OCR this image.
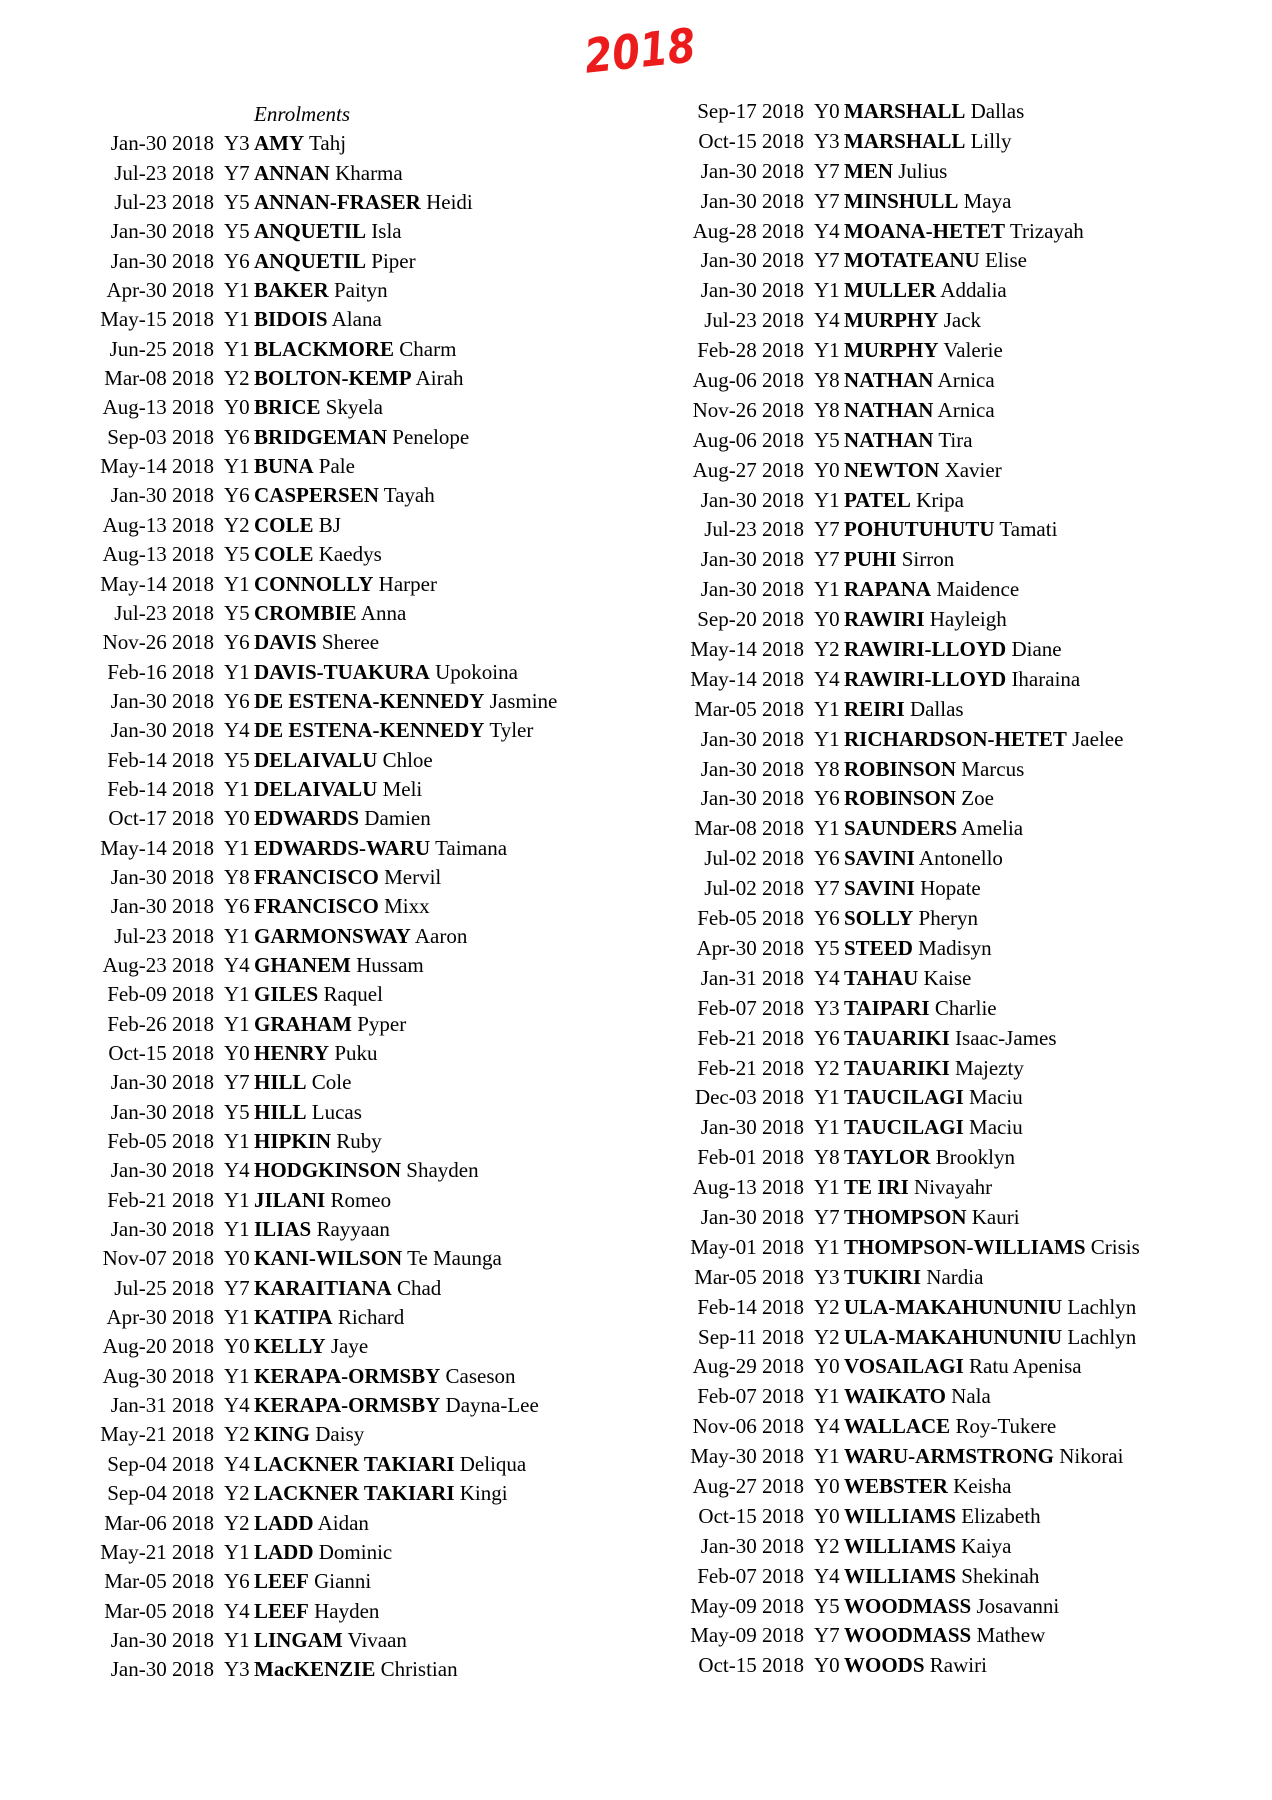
2018
Enrolments
Jan-30 2018 Y3 AMY Tahj
Jul-23 2018 Y7 ANNAN Kharma
Jul-23 2018 Y5 ANNAN-FRASER Heidi
Jan-30 2018 Y5 ANQUETIL Isla
Jan-30 2018 Y6 ANQUETIL Piper
Apr-30 2018 Y1 BAKER Paityn
May-15 2018 Y1 BIDOIS Alana
Jun-25 2018 Y1 BLACKMORE Charm
Mar-08 2018 Y2 BOLTON-KEMP Airah
Aug-13 2018 Y0 BRICE Skyela
Sep-03 2018 Y6 BRIDGEMAN Penelope
May-14 2018 Y1 BUNA Pale
Jan-30 2018 Y6 CASPERSEN Tayah
Aug-13 2018 Y2 COLE BJ
Aug-13 2018 Y5 COLE Kaedys
May-14 2018 Y1 CONNOLLY Harper
Jul-23 2018 Y5 CROMBIE Anna
Nov-26 2018 Y6 DAVIS Sheree
Feb-16 2018 Y1 DAVIS-TUAKURA Upokoina
Jan-30 2018 Y6 DE ESTENA-KENNEDY Jasmine
Jan-30 2018 Y4 DE ESTENA-KENNEDY Tyler
Feb-14 2018 Y5 DELAIVALU Chloe
Feb-14 2018 Y1 DELAIVALU Meli
Oct-17 2018 Y0 EDWARDS Damien
May-14 2018 Y1 EDWARDS-WARU Taimana
Jan-30 2018 Y8 FRANCISCO Mervil
Jan-30 2018 Y6 FRANCISCO Mixx
Jul-23 2018 Y1 GARMONSWAY Aaron
Aug-23 2018 Y4 GHANEM Hussam
Feb-09 2018 Y1 GILES Raquel
Feb-26 2018 Y1 GRAHAM Pyper
Oct-15 2018 Y0 HENRY Puku
Jan-30 2018 Y7 HILL Cole
Jan-30 2018 Y5 HILL Lucas
Feb-05 2018 Y1 HIPKIN Ruby
Jan-30 2018 Y4 HODGKINSON Shayden
Feb-21 2018 Y1 JILANI Romeo
Jan-30 2018 Y1 ILIAS Rayyaan
Nov-07 2018 Y0 KANI-WILSON Te Maunga
Jul-25 2018 Y7 KARAITIANA Chad
Apr-30 2018 Y1 KATIPA Richard
Aug-20 2018 Y0 KELLY Jaye
Aug-30 2018 Y1 KERAPA-ORMSBY Caseson
Jan-31 2018 Y4 KERAPA-ORMSBY Dayna-Lee
May-21 2018 Y2 KING Daisy
Sep-04 2018 Y4 LACKNER TAKIARI Deliqua
Sep-04 2018 Y2 LACKNER TAKIARI Kingi
Mar-06 2018 Y2 LADD Aidan
May-21 2018 Y1 LADD Dominic
Mar-05 2018 Y6 LEEF Gianni
Mar-05 2018 Y4 LEEF Hayden
Jan-30 2018 Y1 LINGAM Vivaan
Jan-30 2018 Y3 MacKENZIE Christian
Sep-17 2018 Y0 MARSHALL Dallas
Oct-15 2018 Y3 MARSHALL Lilly
Jan-30 2018 Y7 MEN Julius
Jan-30 2018 Y7 MINSHULL Maya
Aug-28 2018 Y4 MOANA-HETET Trizayah
Jan-30 2018 Y7 MOTATEANU Elise
Jan-30 2018 Y1 MULLER Addalia
Jul-23 2018 Y4 MURPHY Jack
Feb-28 2018 Y1 MURPHY Valerie
Aug-06 2018 Y8 NATHAN Arnica
Nov-26 2018 Y8 NATHAN Arnica
Aug-06 2018 Y5 NATHAN Tira
Aug-27 2018 Y0 NEWTON Xavier
Jan-30 2018 Y1 PATEL Kripa
Jul-23 2018 Y7 POHUTUHUTU Tamati
Jan-30 2018 Y7 PUHI Sirron
Jan-30 2018 Y1 RAPANA Maidence
Sep-20 2018 Y0 RAWIRI Hayleigh
May-14 2018 Y2 RAWIRI-LLOYD Diane
May-14 2018 Y4 RAWIRI-LLOYD Iharaina
Mar-05 2018 Y1 REIRI Dallas
Jan-30 2018 Y1 RICHARDSON-HETET Jaelee
Jan-30 2018 Y8 ROBINSON Marcus
Jan-30 2018 Y6 ROBINSON Zoe
Mar-08 2018 Y1 SAUNDERS Amelia
Jul-02 2018 Y6 SAVINI Antonello
Jul-02 2018 Y7 SAVINI Hopate
Feb-05 2018 Y6 SOLLY Pheryn
Apr-30 2018 Y5 STEED Madisyn
Jan-31 2018 Y4 TAHAU Kaise
Feb-07 2018 Y3 TAIPARI Charlie
Feb-21 2018 Y6 TAUARIKI Isaac-James
Feb-21 2018 Y2 TAUARIKI Majezty
Dec-03 2018 Y1 TAUCILAGI Maciu
Jan-30 2018 Y1 TAUCILAGI Maciu
Feb-01 2018 Y8 TAYLOR Brooklyn
Aug-13 2018 Y1 TE IRI Nivayahr
Jan-30 2018 Y7 THOMPSON Kauri
May-01 2018 Y1 THOMPSON-WILLIAMS Crisis
Mar-05 2018 Y3 TUKIRI Nardia
Feb-14 2018 Y2 ULA-MAKAHUNUNIU Lachlyn
Sep-11 2018 Y2 ULA-MAKAHUNUNIU Lachlyn
Aug-29 2018 Y0 VOSAILAGI Ratu Apenisa
Feb-07 2018 Y1 WAIKATO Nala
Nov-06 2018 Y4 WALLACE Roy-Tukere
May-30 2018 Y1 WARU-ARMSTRONG Nikorai
Aug-27 2018 Y0 WEBSTER Keisha
Oct-15 2018 Y0 WILLIAMS Elizabeth
Jan-30 2018 Y2 WILLIAMS Kaiya
Feb-07 2018 Y4 WILLIAMS Shekinah
May-09 2018 Y5 WOODMASS Josavanni
May-09 2018 Y7 WOODMASS Mathew
Oct-15 2018 Y0 WOODS Rawiri
